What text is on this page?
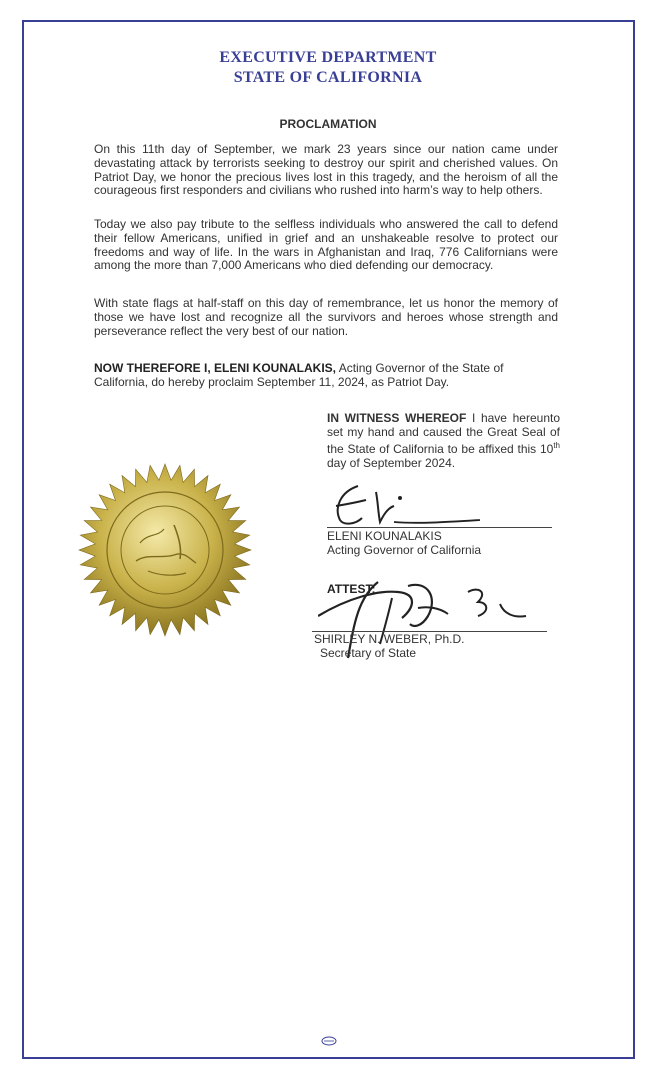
EXECUTIVE DEPARTMENT
STATE OF CALIFORNIA
PROCLAMATION
On this 11th day of September, we mark 23 years since our nation came under devastating attack by terrorists seeking to destroy our spirit and cherished values. On Patriot Day, we honor the precious lives lost in this tragedy, and the heroism of all the courageous first responders and civilians who rushed into harm’s way to help others.
Today we also pay tribute to the selfless individuals who answered the call to defend their fellow Americans, unified in grief and an unshakeable resolve to protect our freedoms and way of life. In the wars in Afghanistan and Iraq, 776 Californians were among the more than 7,000 Americans who died defending our democracy.
With state flags at half-staff on this day of remembrance, let us honor the memory of those we have lost and recognize all the survivors and heroes whose strength and perseverance reflect the very best of our nation.
NOW THEREFORE I, ELENI KOUNALAKIS, Acting Governor of the State of California, do hereby proclaim September 11, 2024, as Patriot Day.
IN WITNESS WHEREOF I have hereunto set my hand and caused the Great Seal of the State of California to be affixed this 10th day of September 2024.
ELENI KOUNALAKIS
Acting Governor of California
ATTEST:
SHIRLEY N. WEBER, Ph.D.
Secretary of State
